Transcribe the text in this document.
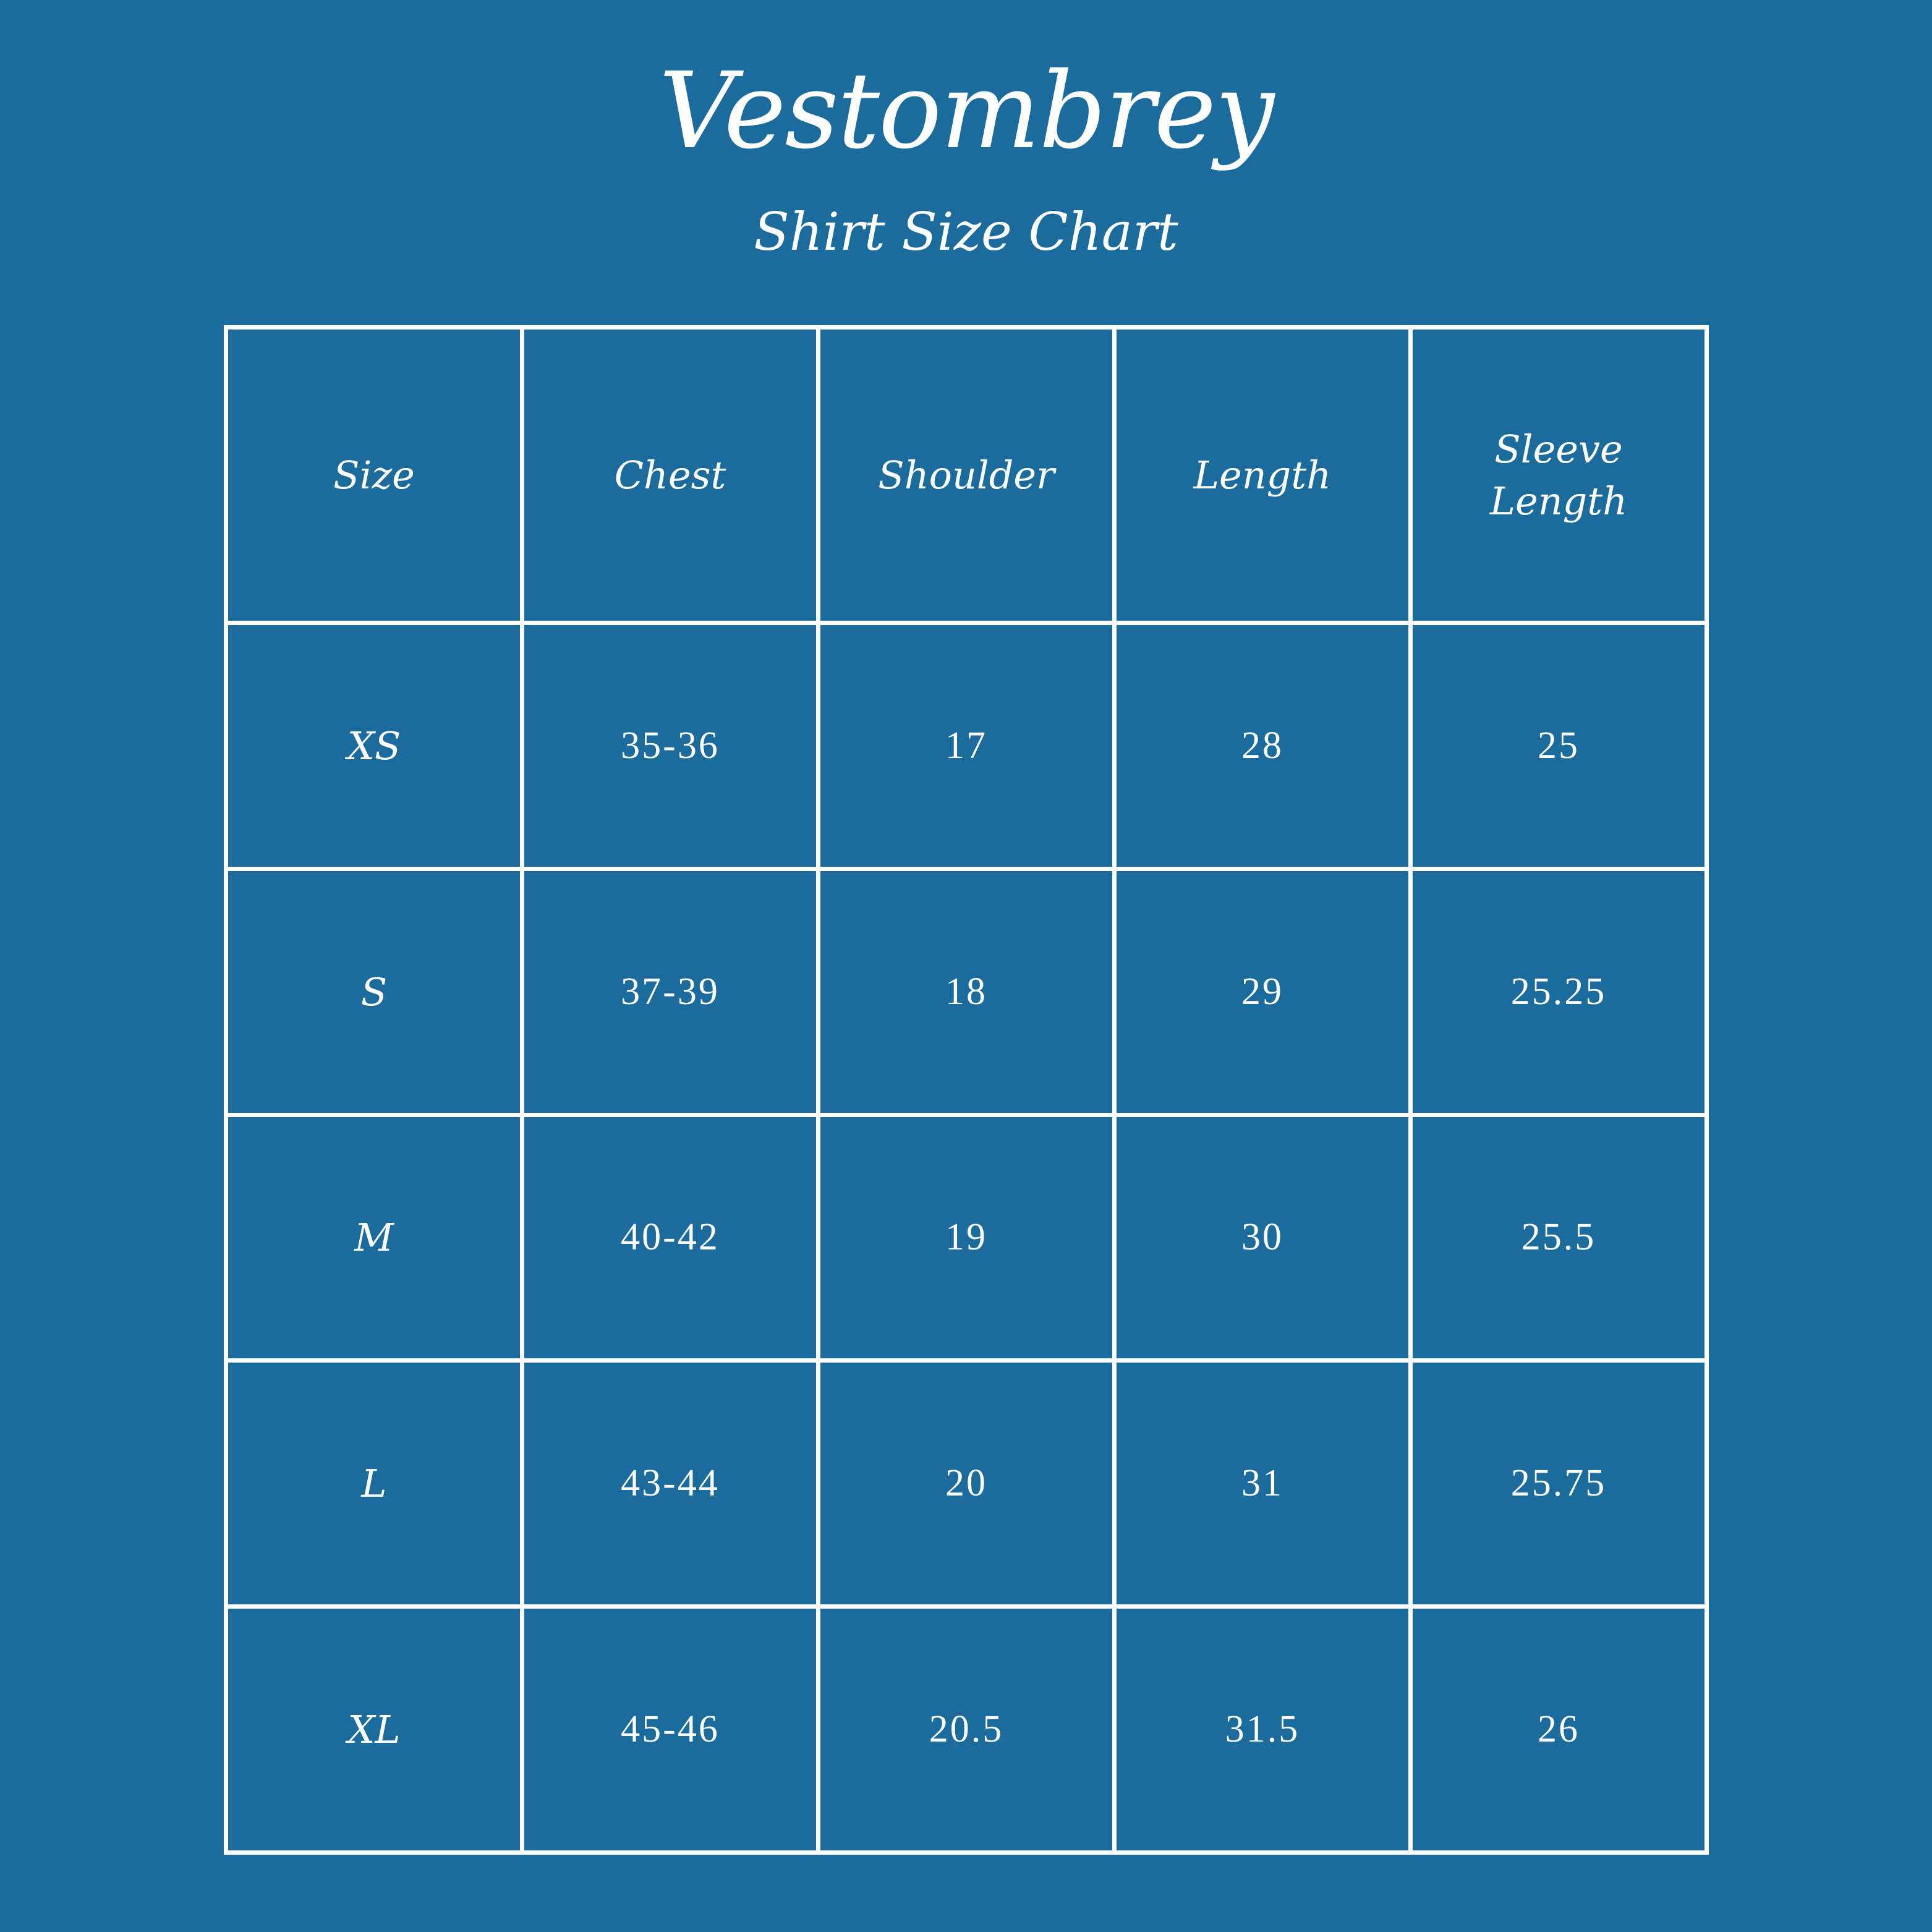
Vestombrey
Shirt Size Chart
Size	Chest	Shoulder	Length	Sleeve Length
XS	35-36	17	28	25
S	37-39	18	29	25.25
M	40-42	19	30	25.5
L	43-44	20	31	25.75
XL	45-46	20.5	31.5	26
